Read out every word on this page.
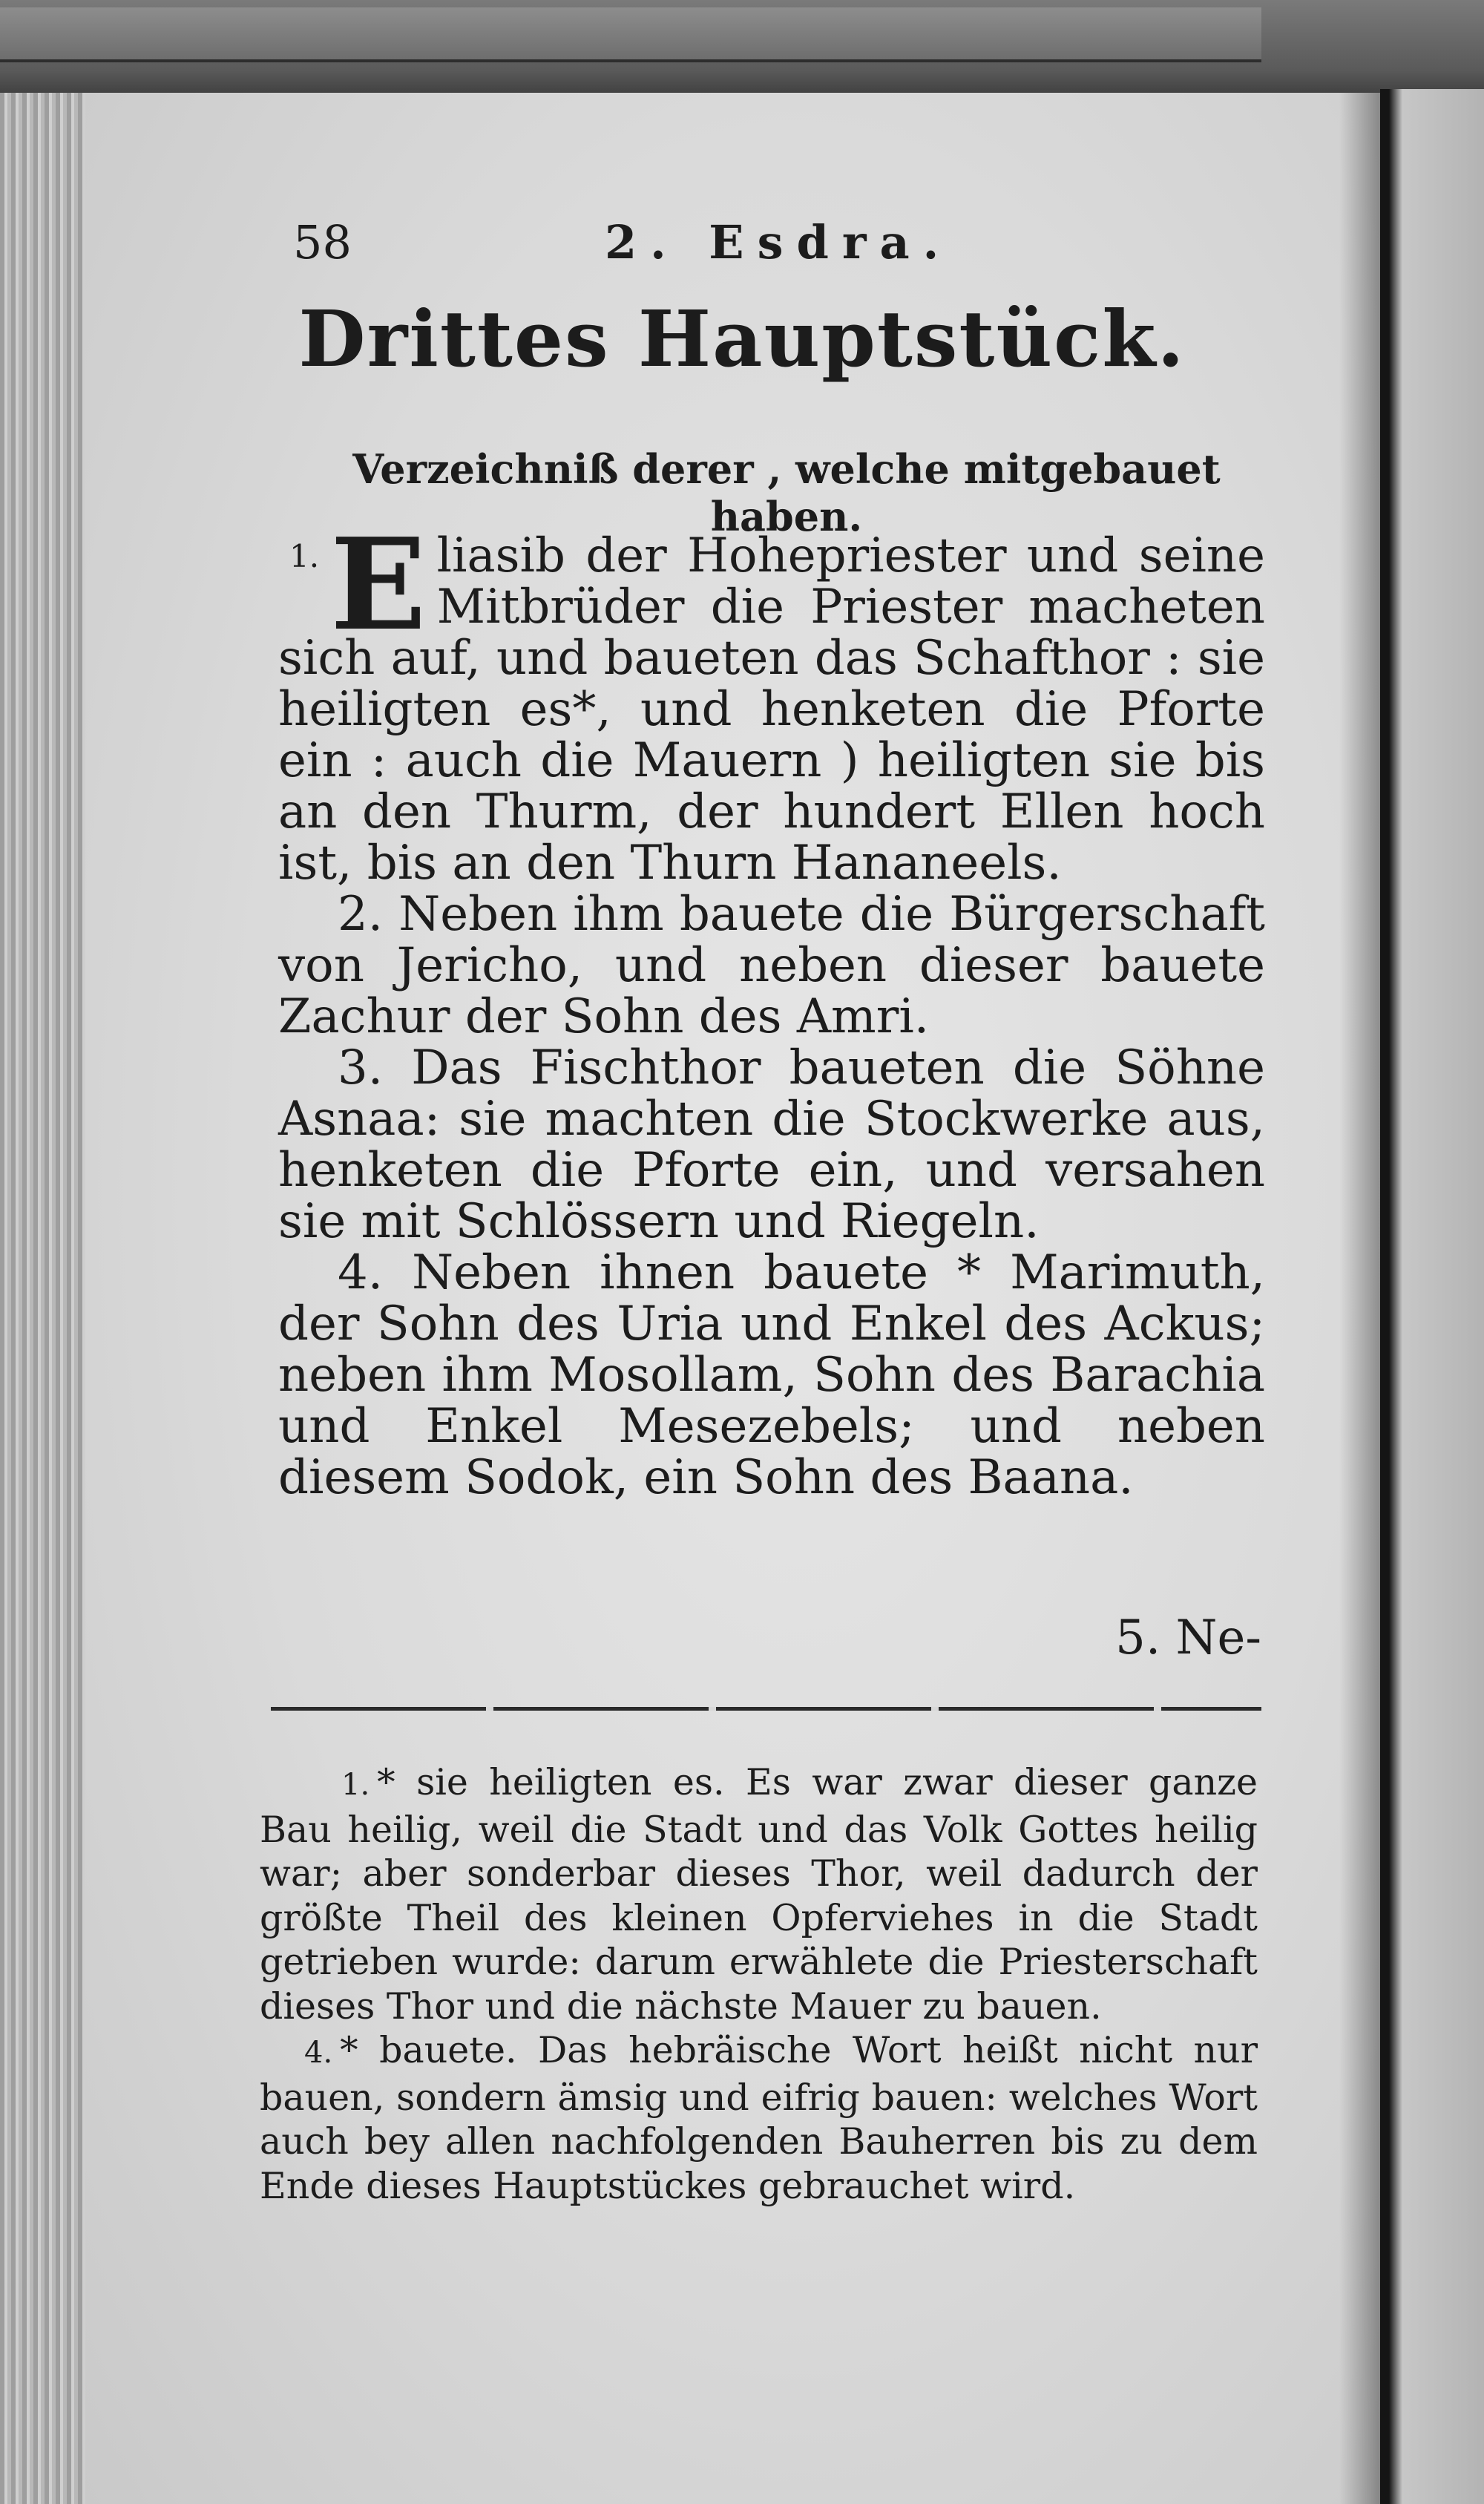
58	2. Esdra.
Drittes Hauptstück.
Verzeichniß derer , welche mitgebauet haben.
1. E liasib der Hohepriester und seine Mitbrüder die Priester macheten sich auf, und baueten das Schafthor : sie heiligten es*, und henketen die Pforte ein : auch die Mauern ) heiligten sie bis an den Thurm, der hundert Ellen hoch ist, bis an den Thurn Hananeels.

2. Neben ihm bauete die Bürgerschaft von Jericho, und neben dieser bauete Zachur der Sohn des Amri.

3. Das Fischthor baueten die Söhne Asnaa: sie machten die Stockwerke aus, henketen die Pforte ein, und versahen sie mit Schlössern und Riegeln.

4. Neben ihnen bauete * Marimuth, der Sohn des Uria und Enkel des Ackus; neben ihm Mosollam, Sohn des Barachia und Enkel Mesezebels; und neben diesem Sodok, ein Sohn des Baana.

5. Ne-

1. * sie heiligten es. Es war zwar dieser ganze Bau heilig, weil die Stadt und das Volk Gottes heilig war; aber sonderbar dieses Thor, weil dadurch der größte Theil des kleinen Opferviehes in die Stadt getrieben wurde: darum erwählete die Priesterschaft dieses Thor und die nächste Mauer zu bauen.

4. * bauete. Das hebräische Wort heißt nicht nur bauen, sondern ämsig und eifrig bauen: welches Wort auch bey allen nachfolgenden Bauherren bis zu dem Ende dieses Hauptstückes gebrauchet wird.
